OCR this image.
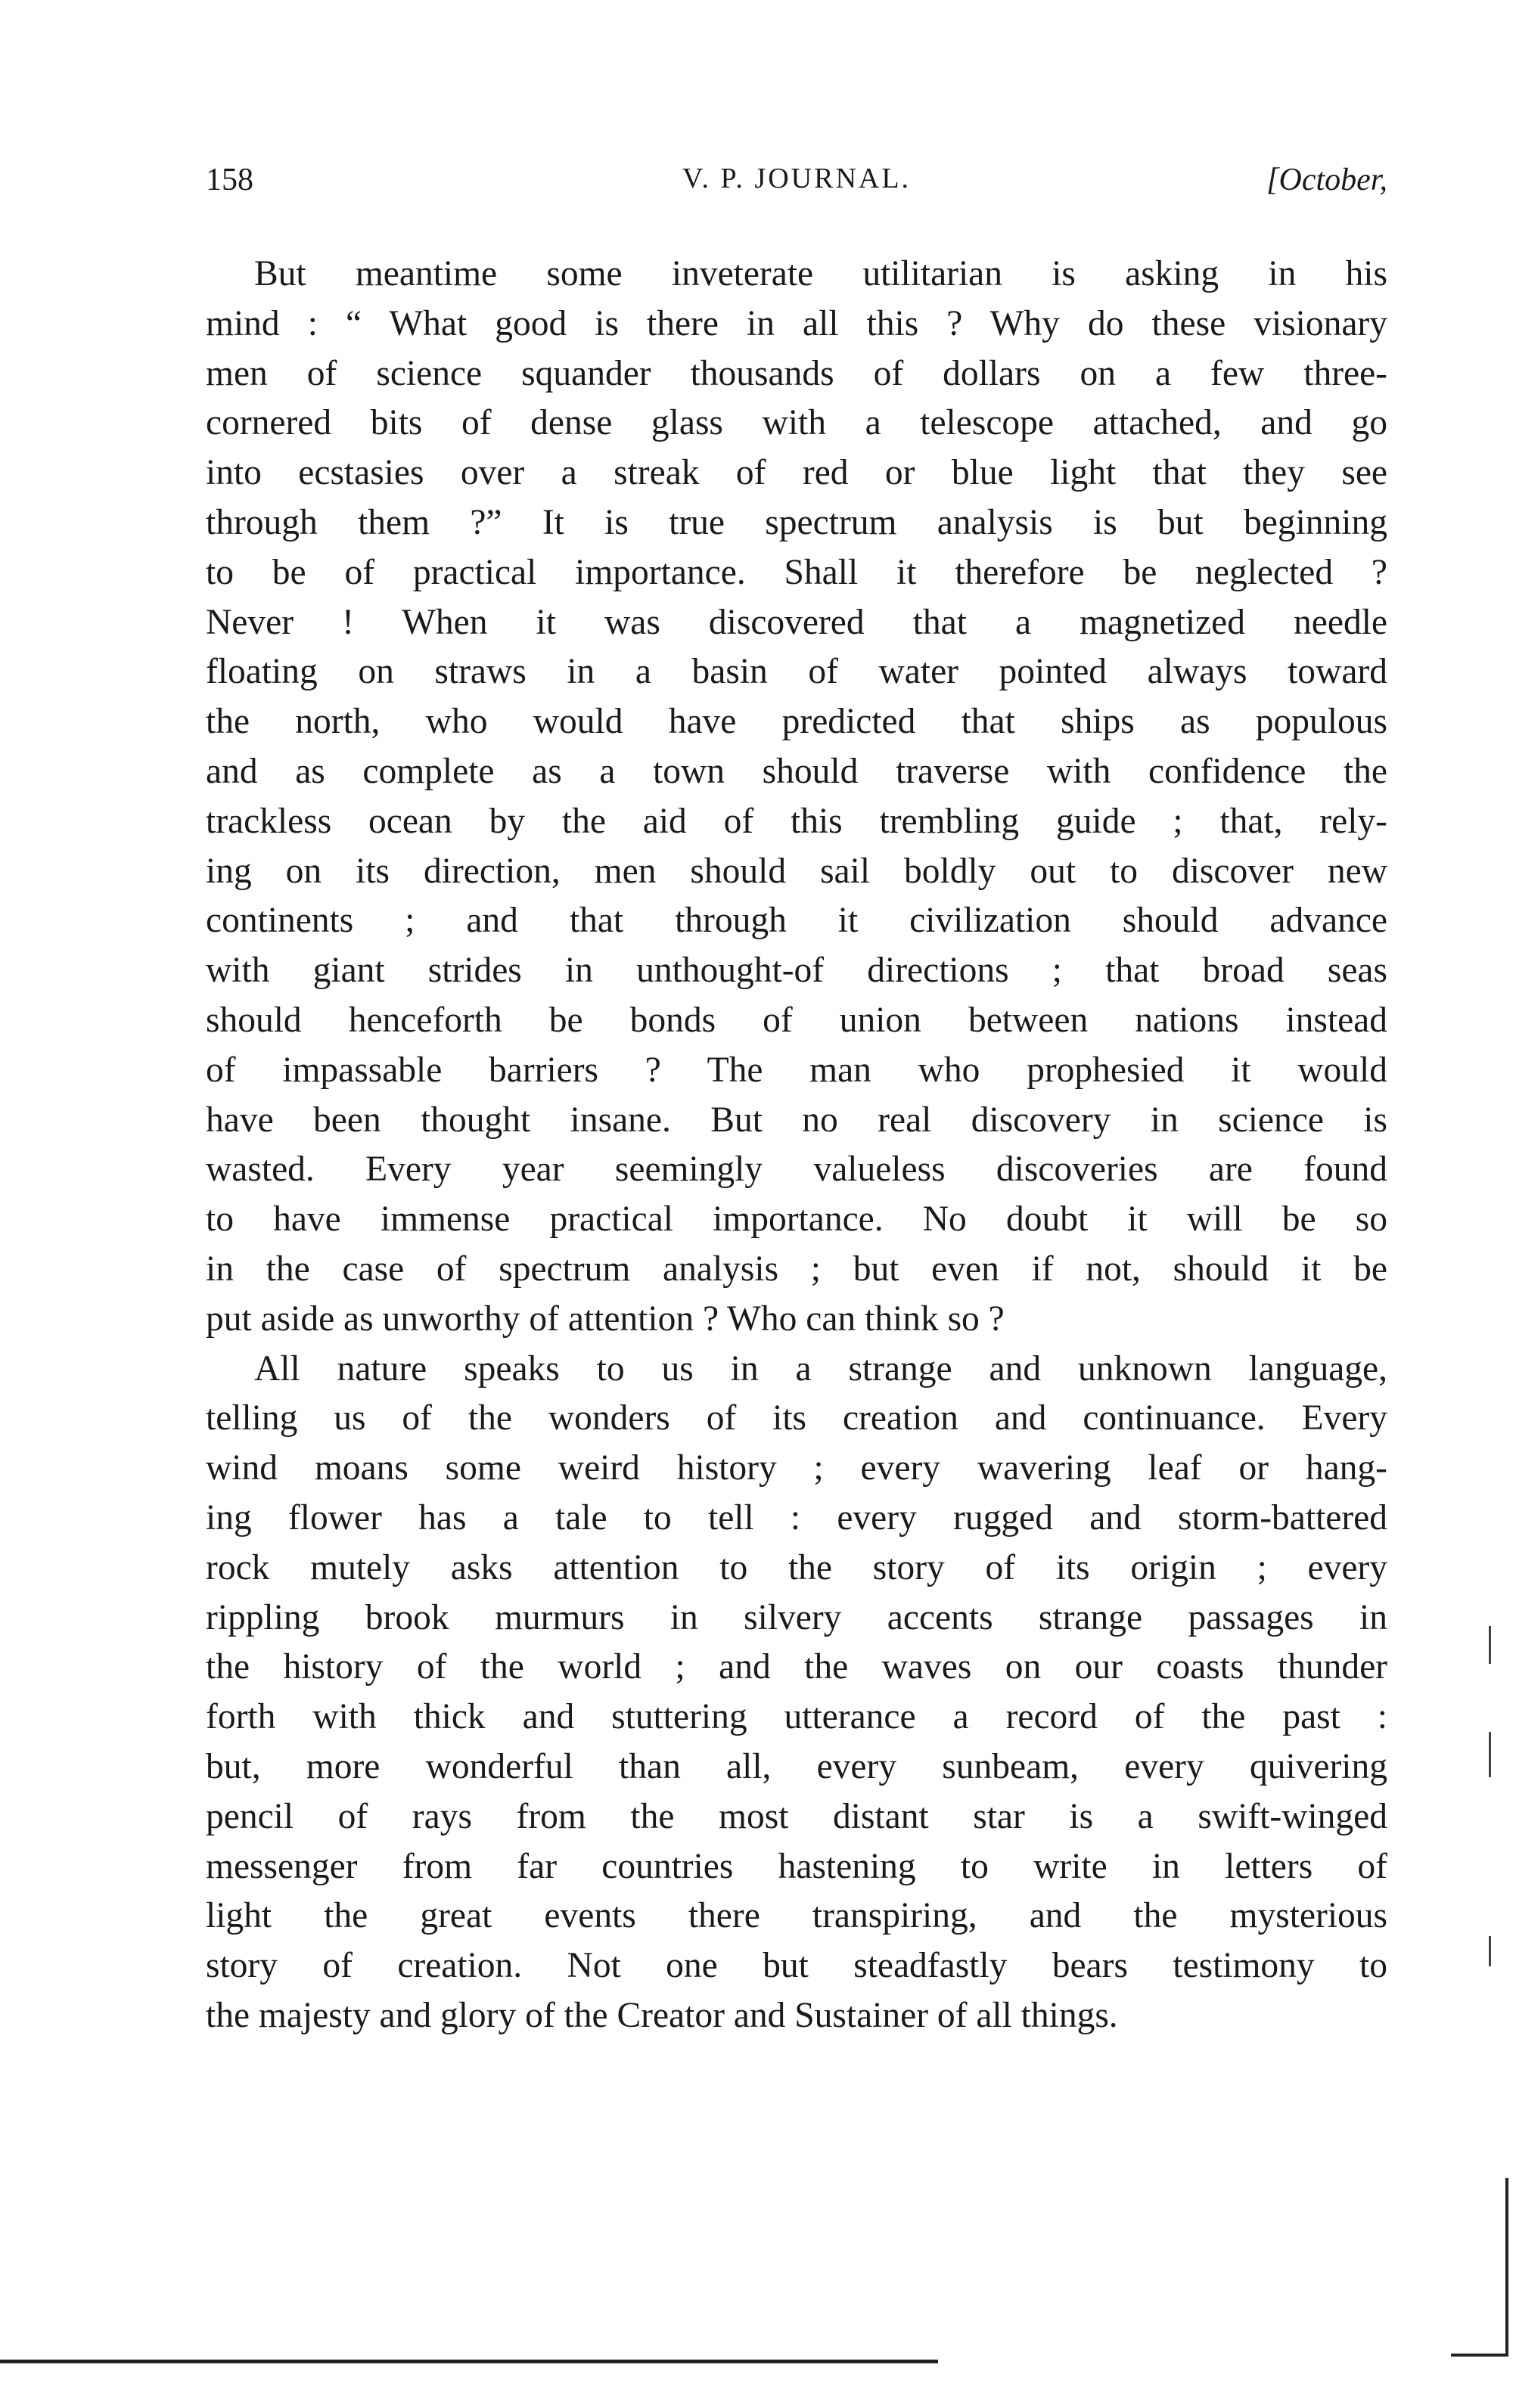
158	V. P. JOURNAL.	[October,
But meantime some inveterate utilitarian is asking in his
mind : “ What good is there in all this ? Why do these visionary
men of science squander thousands of dollars on a few three-
cornered bits of dense glass with a telescope attached, and go
into ecstasies over a streak of red or blue light that they see
through them ?” It is true spectrum analysis is but beginning
to be of practical importance. Shall it therefore be neglected ?
Never ! When it was discovered that a magnetized needle
floating on straws in a basin of water pointed always toward
the north, who would have predicted that ships as populous
and as complete as a town should traverse with confidence the
trackless ocean by the aid of this trembling guide ; that, rely-
ing on its direction, men should sail boldly out to discover new
continents ; and that through it civilization should advance
with giant strides in unthought-of directions ; that broad seas
should henceforth be bonds of union between nations instead
of impassable barriers ? The man who prophesied it would
have been thought insane. But no real discovery in science is
wasted. Every year seemingly valueless discoveries are found
to have immense practical importance. No doubt it will be so
in the case of spectrum analysis ; but even if not, should it be
put aside as unworthy of attention ? Who can think so ?
All nature speaks to us in a strange and unknown language,
telling us of the wonders of its creation and continuance. Every
wind moans some weird history ; every wavering leaf or hang-
ing flower has a tale to tell : every rugged and storm-battered
rock mutely asks attention to the story of its origin ; every
rippling brook murmurs in silvery accents strange passages in
the history of the world ; and the waves on our coasts thunder
forth with thick and stuttering utterance a record of the past :
but, more wonderful than all, every sunbeam, every quivering
pencil of rays from the most distant star is a swift-winged
messenger from far countries hastening to write in letters of
light the great events there transpiring, and the mysterious
story of creation. Not one but steadfastly bears testimony to
the majesty and glory of the Creator and Sustainer of all things.
